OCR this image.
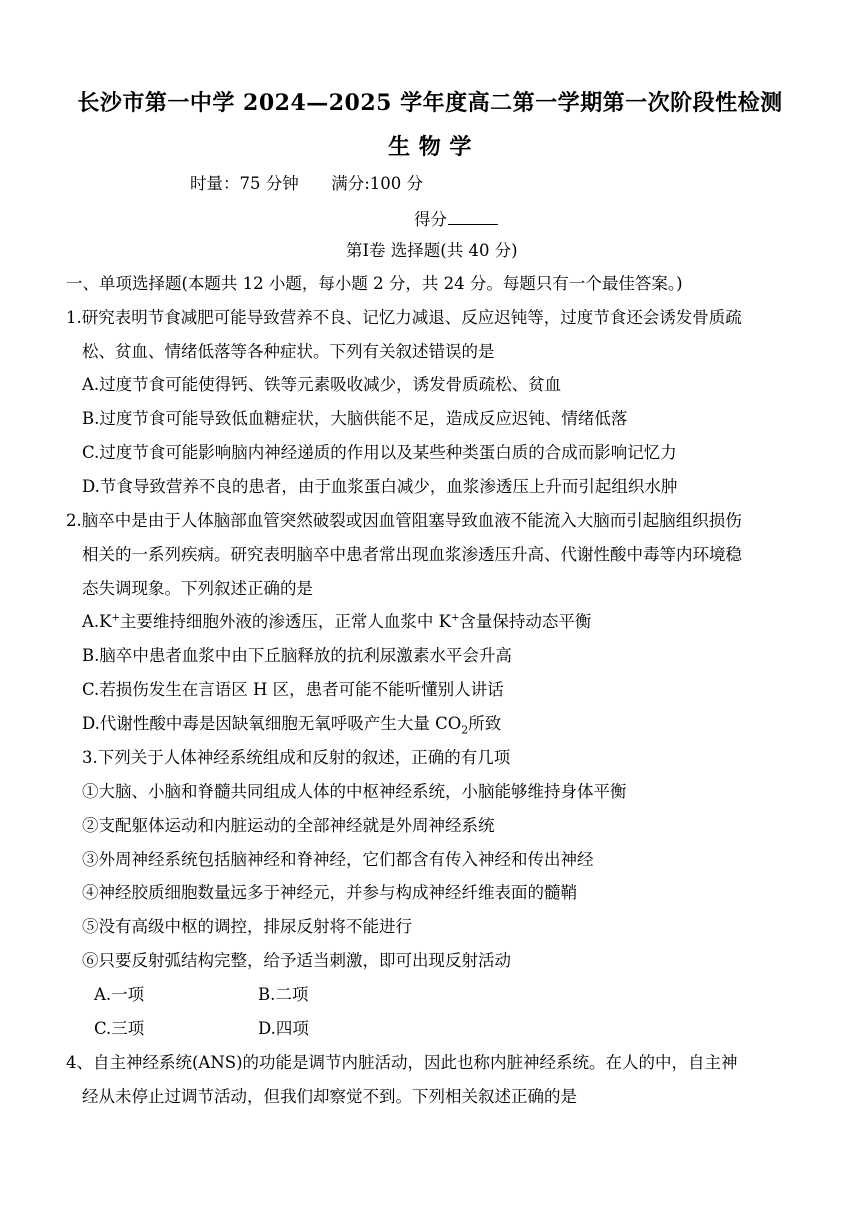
长沙市第一中学 2024—2025 学年度高二第一学期第一次阶段性检测
生 物 学
时量：75 分钟 满分:100 分
得分
第Ⅰ卷 选择题(共 40 分)
一、单项选择题(本题共 12 小题，每小题 2 分，共 24 分。每题只有一个最佳答案。)
1.研究表明节食减肥可能导致营养不良、记忆力减退、反应迟钝等，过度节食还会诱发骨质疏
松、贫血、情绪低落等各种症状。下列有关叙述错误的是
A.过度节食可能使得钙、铁等元素吸收减少，诱发骨质疏松、贫血
B.过度节食可能导致低血糖症状，大脑供能不足，造成反应迟钝、情绪低落
C.过度节食可能影响脑内神经递质的作用以及某些种类蛋白质的合成而影响记忆力
D.节食导致营养不良的患者，由于血浆蛋白减少，血浆渗透压上升而引起组织水肿
2.脑卒中是由于人体脑部血管突然破裂或因血管阻塞导致血液不能流入大脑而引起脑组织损伤
相关的一系列疾病。研究表明脑卒中患者常出现血浆渗透压升高、代谢性酸中毒等内环境稳
态失调现象。下列叙述正确的是
A.K+主要维持细胞外液的渗透压，正常人血浆中 K+含量保持动态平衡
B.脑卒中患者血浆中由下丘脑释放的抗利尿激素水平会升高
C.若损伤发生在言语区 H 区，患者可能不能听懂别人讲话
D.代谢性酸中毒是因缺氧细胞无氧呼吸产生大量 $CO_2$所致
3.下列关于人体神经系统组成和反射的叙述，正确的有几项
①大脑、小脑和脊髓共同组成人体的中枢神经系统，小脑能够维持身体平衡
②支配躯体运动和内脏运动的全部神经就是外周神经系统
③外周神经系统包括脑神经和脊神经，它们都含有传入神经和传出神经
④神经胶质细胞数量远多于神经元，并参与构成神经纤维表面的髓鞘
⑤没有高级中枢的调控，排尿反射将不能进行
⑥只要反射弧结构完整，给予适当刺激，即可出现反射活动
A.一项	B.二项
C.三项	D.四项
4、自主神经系统(ANS)的功能是调节内脏活动，因此也称内脏神经系统。在人的中，自主神
经从未停止过调节活动，但我们却察觉不到。下列相关叙述正确的是
